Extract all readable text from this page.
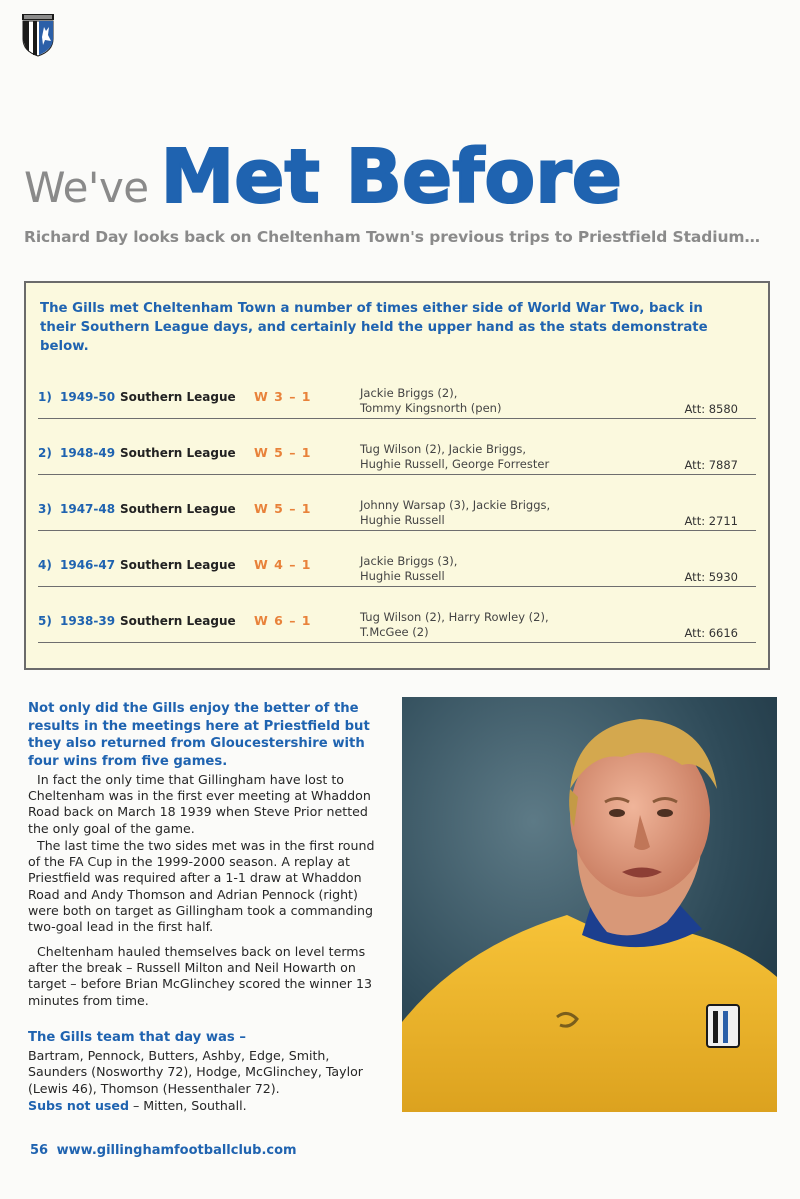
We've Met Before
Richard Day looks back on Cheltenham Town's previous trips to Priestfield Stadium…
The Gills met Cheltenham Town a number of times either side of World War Two, back in their Southern League days, and certainly held the upper hand as the stats demonstrate below.
1) 1949-50 Southern League W 3 – 1	Jackie Briggs (2),
Tommy Kingsnorth (pen)	Att: 8580
2) 1948-49 Southern League W 5 – 1	Tug Wilson (2), Jackie Briggs,
Hughie Russell, George Forrester	Att: 7887
3) 1947-48 Southern League W 5 – 1	Johnny Warsap (3), Jackie Briggs,
Hughie Russell	Att: 2711
4) 1946-47 Southern League W 4 – 1	Jackie Briggs (3),
Hughie Russell	Att: 5930
5) 1938-39 Southern League W 6 – 1	Tug Wilson (2), Harry Rowley (2),
T.McGee (2)	Att: 6616
Not only did the Gills enjoy the better of the results in the meetings here at Priestfield but they also returned from Gloucestershire with four wins from five games.
In fact the only time that Gillingham have lost to Cheltenham was in the first ever meeting at Whaddon Road back on March 18 1939 when Steve Prior netted the only goal of the game.
The last time the two sides met was in the first round of the FA Cup in the 1999-2000 season. A replay at Priestfield was required after a 1-1 draw at Whaddon Road and Andy Thomson and Adrian Pennock (right) were both on target as Gillingham took a commanding two-goal lead in the first half.
Cheltenham hauled themselves back on level terms after the break – Russell Milton and Neil Howarth on target – before Brian McGlinchey scored the winner 13 minutes from time.
The Gills team that day was –
Bartram, Pennock, Butters, Ashby, Edge, Smith, Saunders (Nosworthy 72), Hodge, McGlinchey, Taylor (Lewis 46), Thomson (Hessenthaler 72).
Subs not used – Mitten, Southall.
56 www.gillinghamfootballclub.com
